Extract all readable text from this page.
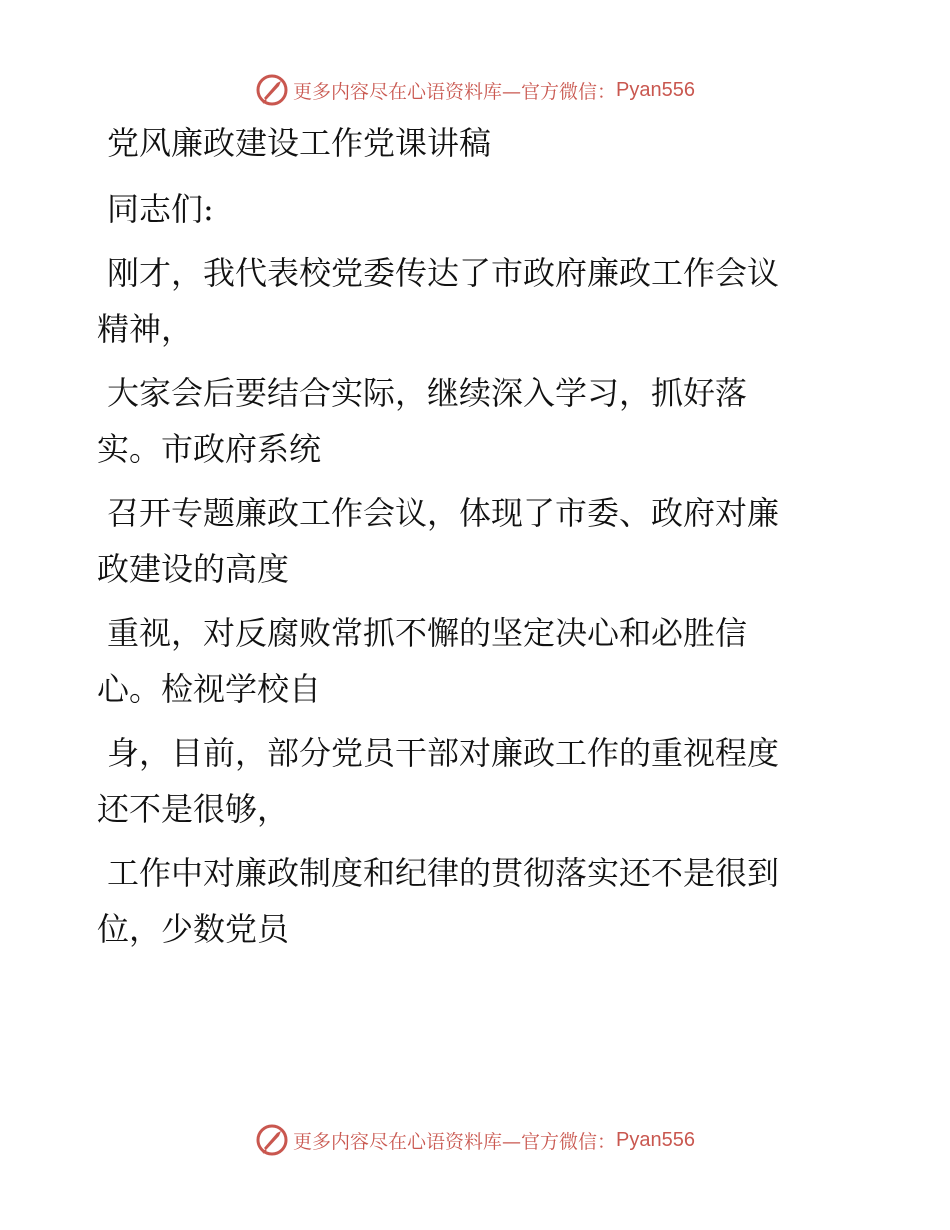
更多内容尽在心语资料库—官方微信： Pyan556
党风廉政建设工作党课讲稿
同志们:
刚才，我代表校党委传达了市政府廉政工作会议
精神，
大家会后要结合实际，继续深入学习，抓好落
实。市政府系统
召开专题廉政工作会议，体现了市委、政府对廉
政建设的高度
重视，对反腐败常抓不懈的坚定决心和必胜信
心。检视学校自
身，目前，部分党员干部对廉政工作的重视程度
还不是很够，
工作中对廉政制度和纪律的贯彻落实还不是很到
位，少数党员
更多内容尽在心语资料库—官方微信： Pyan556
